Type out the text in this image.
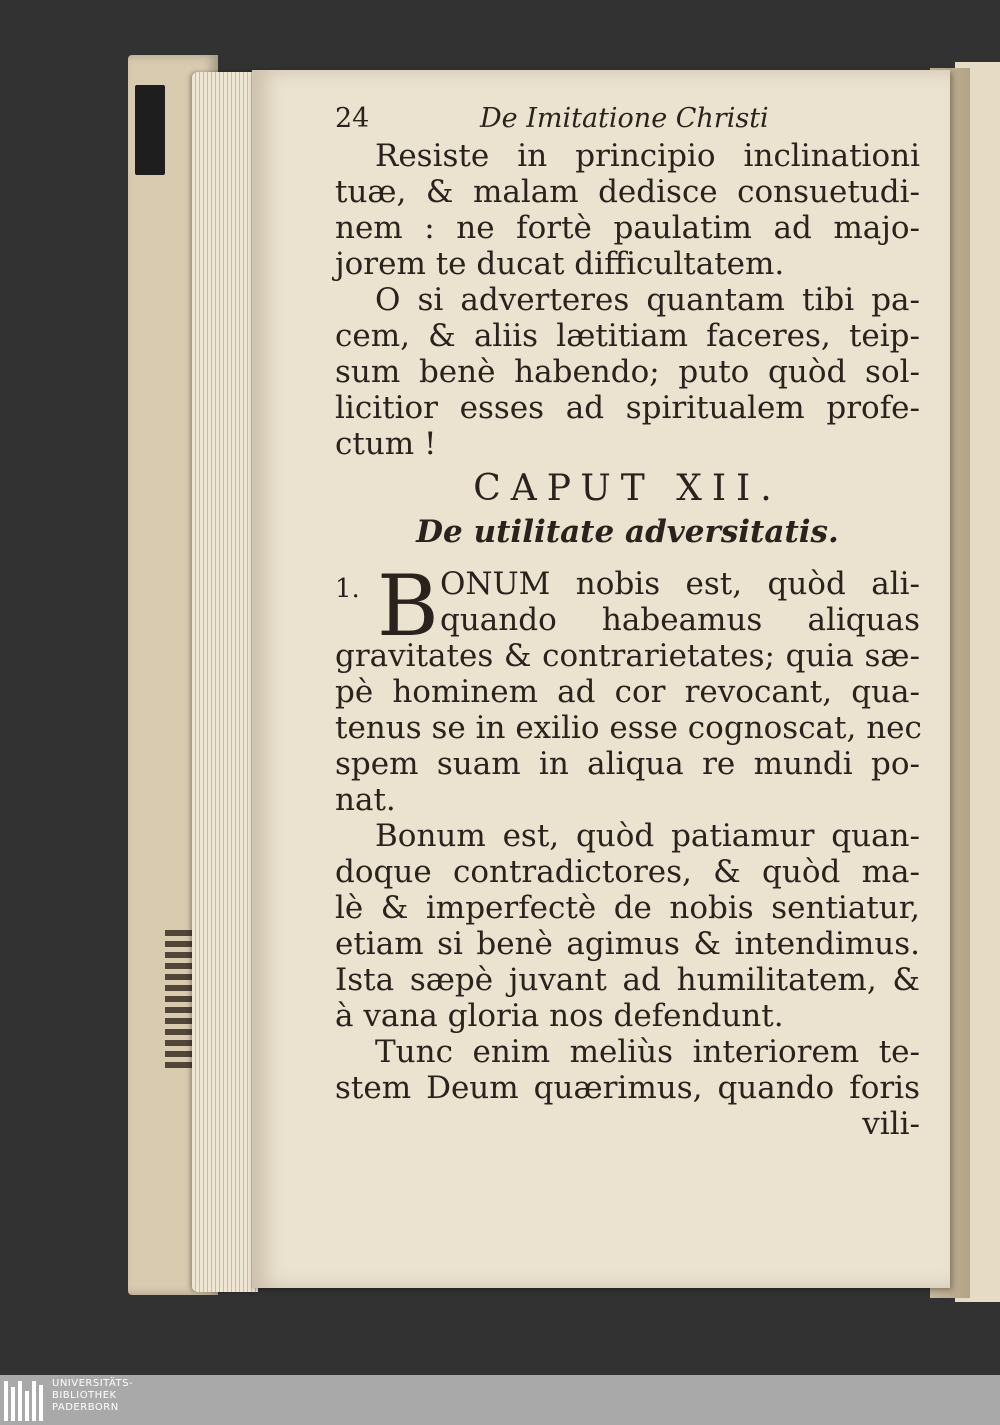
24	De Imitatione Christi
Resiste in principio inclinationi
tuæ, & malam dedisce consuetudi-
nem : ne fortè paulatim ad majo-
jorem te ducat difficultatem.
O si adverteres quantam tibi pa-
cem, & aliis lætitiam faceres, teip-
sum benè habendo; puto quòd sol-
licitior esses ad spiritualem profe-
ctum !
CAPUT XII.
De utilitate adversitatis.
1. B ONUM nobis est, quòd ali-
quando habeamus aliquas
gravitates & contrarietates; quia sæ-
pè hominem ad cor revocant, qua-
tenus se in exilio esse cognoscat, nec
spem suam in aliqua re mundi po-
nat.
Bonum est, quòd patiamur quan-
doque contradictores, & quòd ma-
lè & imperfectè de nobis sentiatur,
etiam si benè agimus & intendimus.
Ista sæpè juvant ad humilitatem, &
à vana gloria nos defendunt.
Tunc enim meliùs interiorem te-
stem Deum quærimus, quando foris
vili-
UNIVERSITÄTS-
BIBLIOTHEK
PADERBORN
